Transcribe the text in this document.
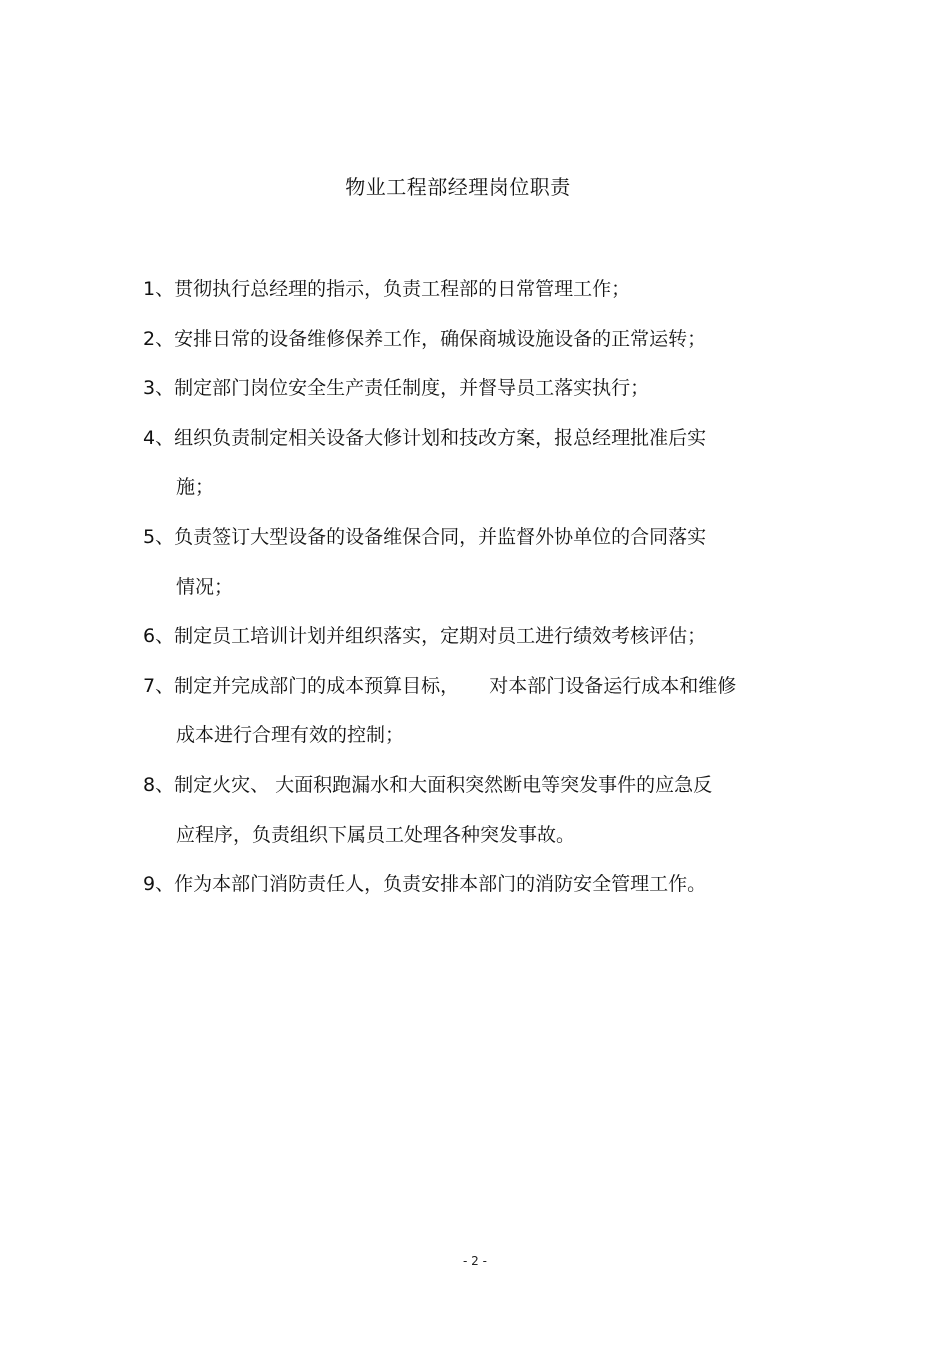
物业工程部经理岗位职责
1、贯彻执行总经理的指示，负责工程部的日常管理工作；
2、安排日常的设备维修保养工作，确保商城设施设备的正常运转；
3、制定部门岗位安全生产责任制度，并督导员工落实执行；
4、组织负责制定相关设备大修计划和技改方案，报总经理批准后实
施；
5、负责签订大型设备的设备维保合同，并监督外协单位的合同落实
情况；
6、制定员工培训计划并组织落实，定期对员工进行绩效考核评估；
7、制定并完成部门的成本预算目标，     对本部门设备运行成本和维修
成本进行合理有效的控制；
8、制定火灾、 大面积跑漏水和大面积突然断电等突发事件的应急反
应程序，负责组织下属员工处理各种突发事故。
9、作为本部门消防责任人，负责安排本部门的消防安全管理工作。
- 2 -
